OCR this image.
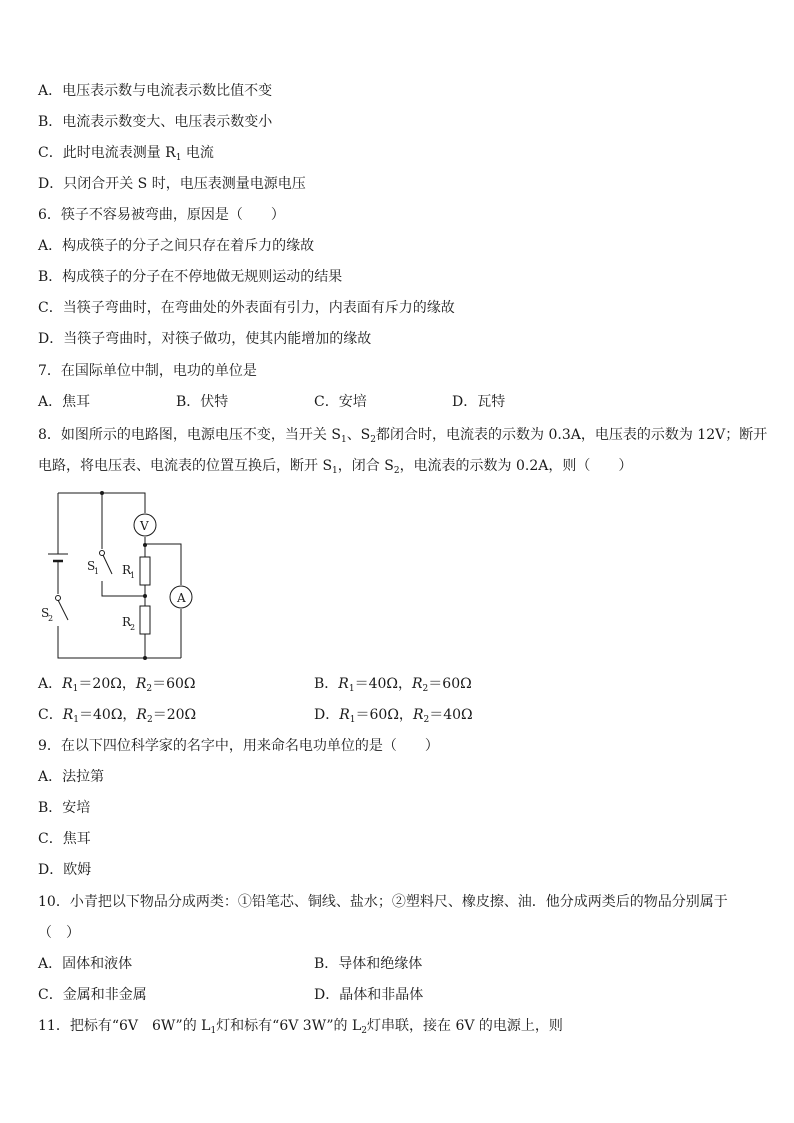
A．电压表示数与电流表示数比值不变
B．电流表示数变大、电压表示数变小
C．此时电流表测量 $R_1$ 电流
D．只闭合开关 S 时，电压表测量电源电压
6．筷子不容易被弯曲，原因是（　　）
A．构成筷子的分子之间只存在着斥力的缘故
B．构成筷子的分子在不停地做无规则运动的结果
C．当筷子弯曲时，在弯曲处的外表面有引力，内表面有斥力的缘故
D．当筷子弯曲时，对筷子做功，使其内能增加的缘故
7．在国际单位中制，电功的单位是
A．焦耳	B．伏特	C．安培	D．瓦特
8．如图所示的电路图，电源电压不变，当开关 $S_1$、$S_2$都闭合时，电流表的示数为 0.3A，电压表的示数为 12V；断开
电路，将电压表、电流表的位置互换后，断开 $S_1$，闭合 $S_2$，电流表的示数为 0.2A，则（　　）
V
A
S
1
S
2
R
1
R
2
A．$R_1=20\Omega$，$R_2=60\Omega$	B．$R_1=40\Omega$，$R_2=60\Omega$
C．$R_1=40\Omega$，$R_2=20\Omega$	D．$R_1=60\Omega$，$R_2=40\Omega$
9．在以下四位科学家的名字中，用来命名电功单位的是（　　）
A．法拉第
B．安培
C．焦耳
D．欧姆
10．小青把以下物品分成两类：①铅笔芯、铜线、盐水；②塑料尺、橡皮擦、油．他分成两类后的物品分别属于
（　）
A．固体和液体	B．导体和绝缘体
C．金属和非金属	D．晶体和非晶体
11．把标有“6V　6W”的 $L_1$灯和标有“6V 3W”的 $L_2$灯串联，接在 6V 的电源上，则
